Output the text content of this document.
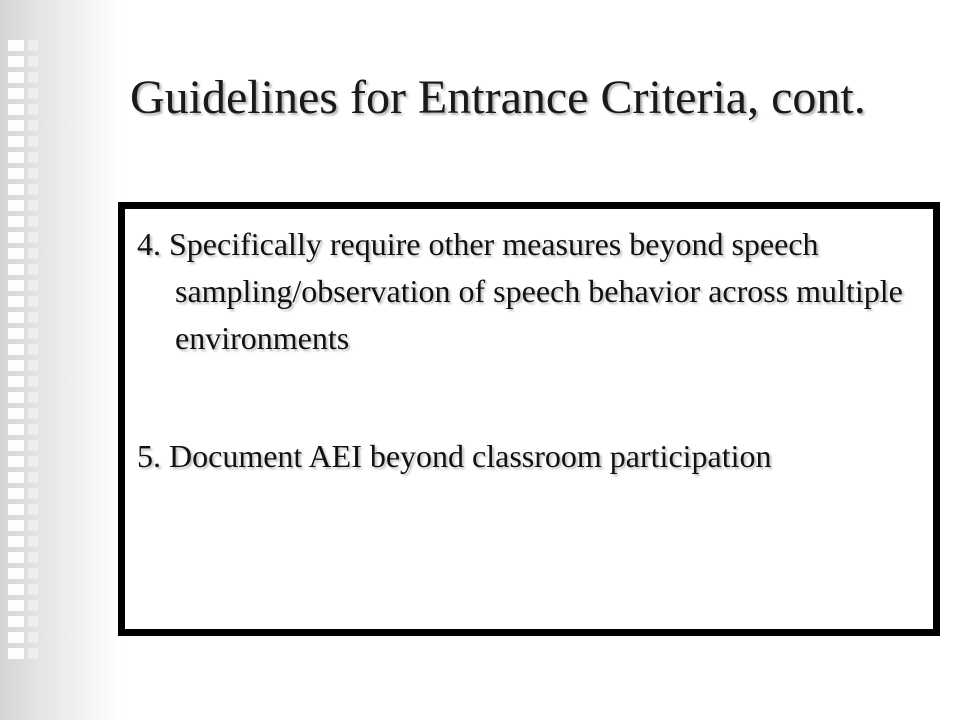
Guidelines for Entrance Criteria, cont.

4. Specifically require other measures beyond speech sampling/observation of speech behavior across multiple environments

5. Document AEI beyond classroom participation
